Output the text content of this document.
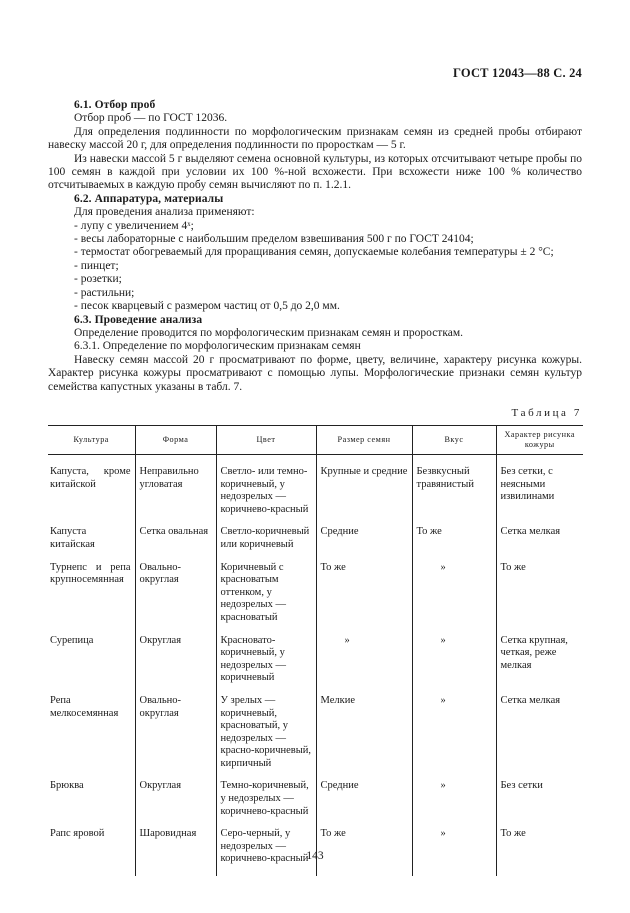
ГОСТ 12043—88 С. 24

6.1. Отбор проб

Отбор проб — по ГОСТ 12036.

Для определения подлинности по морфологическим признакам семян из средней пробы отбирают навеску массой 20 г, для определения подлинности по проросткам — 5 г.

Из навески массой 5 г выделяют семена основной культуры, из которых отсчитывают четыре пробы по 100 семян в каждой при условии их 100 %-ной всхожести. При всхожести ниже 100 % количество отсчитываемых в каждую пробу семян вычисляют по п. 1.2.1.

6.2. Аппаратура, материалы

Для проведения анализа применяют:

- лупу с увеличением 4ˣ;

- весы лабораторные с наибольшим пределом взвешивания 500 г по ГОСТ 24104;

- термостат обогреваемый для проращивания семян, допускаемые колебания температуры ± 2 °С;

- пинцет;

- розетки;

- растильни;

- песок кварцевый с размером частиц от 0,5 до 2,0 мм.

6.3. Проведение анализа

Определение проводится по морфологическим признакам семян и проросткам.

6.3.1. Определение по морфологическим признакам семян

Навеску семян массой 20 г просматривают по форме, цвету, величине, характеру рисунка кожуры. Характер рисунка кожуры просматривают с помощью лупы. Морфологические признаки семян культур семейства капустных указаны в табл. 7.

Таблица 7
Культура	Форма	Цвет	Размер семян	Вкус	Характер рисунка кожуры
Капуста, кроме китайской	Неправильно угловатая	Светло- или темно-коричневый, у недозрелых — коричнево-красный	Крупные и средние	Безвкусный травянистый	Без сетки, с неясными извилинами
Капуста китайская	Сетка овальная	Светло-коричневый или коричневый	Средние	То же	Сетка мелкая
Турнепс и репа крупносемянная	Овально-округлая	Коричневый с красноватым оттенком, у недозрелых — красноватый	То же	»	То же
Сурепица	Округлая	Красновато-коричневый, у недозрелых — коричневый	»	»	Сетка крупная, четкая, реже мелкая
Репа мелкосемянная	Овально-округлая	У зрелых — коричневый, красноватый, у недозрелых — красно-коричневый, кирпичный	Мелкие	»	Сетка мелкая
Брюква	Округлая	Темно-коричневый, у недозрелых — коричнево-красный	Средние	»	Без сетки
Рапс яровой	Шаровидная	Серо-черный, у недозрелых — коричнево-красный	То же	»	То же
143
